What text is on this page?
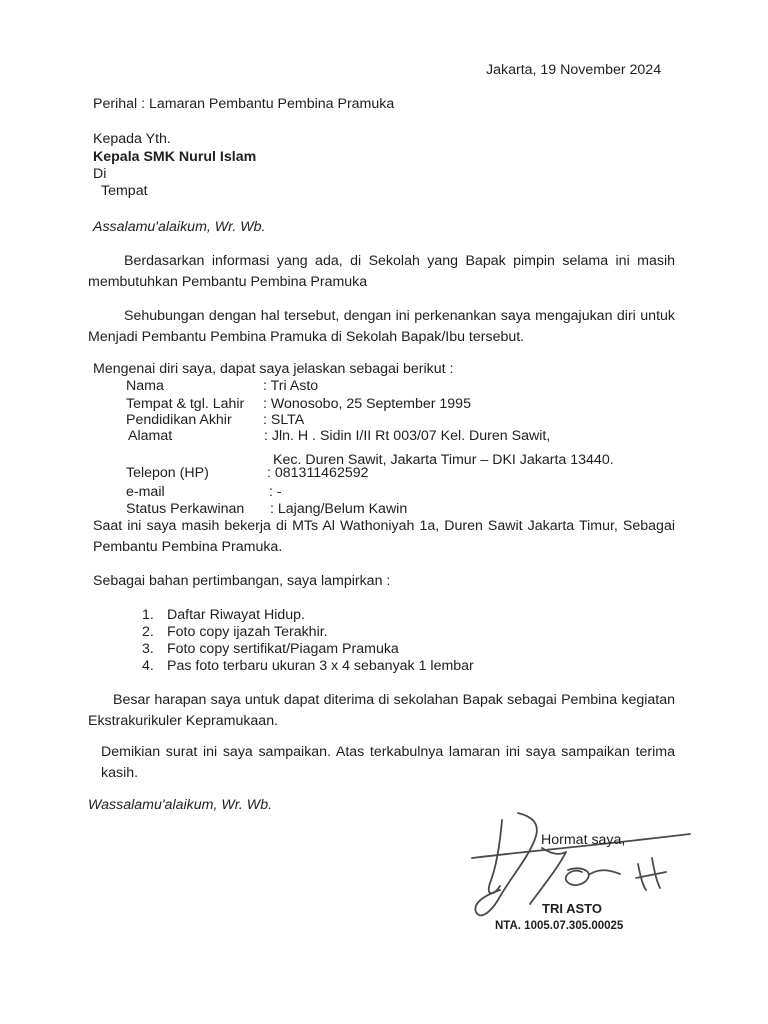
Jakarta, 19 November 2024
Perihal : Lamaran Pembantu Pembina Pramuka
Kepada Yth.
Kepala SMK Nurul Islam
Di
Tempat
Assalamu'alaikum, Wr. Wb.
Berdasarkan informasi yang ada, di Sekolah yang Bapak pimpin selama ini masih membutuhkan Pembantu Pembina Pramuka
Sehubungan dengan hal tersebut, dengan ini perkenankan saya mengajukan diri untuk Menjadi Pembantu Pembina Pramuka di Sekolah Bapak/Ibu tersebut.
Mengenai diri saya, dapat saya jelaskan sebagai berikut :
Nama	: Tri Asto
Tempat & tgl. Lahir : Wonosobo, 25 September 1995
Pendidikan Akhir : SLTA
Alamat	: Jln. H . Sidin I/II Rt 003/07 Kel. Duren Sawit,
Kec. Duren Sawit, Jakarta Timur – DKI Jakarta 13440.
Telepon (HP)	: 081311462592
e-mail	: -
Status Perkawinan : Lajang/Belum Kawin
Saat ini saya masih bekerja di MTs Al Wathoniyah 1a, Duren Sawit Jakarta Timur, Sebagai Pembantu Pembina Pramuka.
Sebagai bahan pertimbangan, saya lampirkan :
1. Daftar Riwayat Hidup.
2. Foto copy ijazah Terakhir.
3. Foto copy sertifikat/Piagam Pramuka
4. Pas foto terbaru ukuran 3 x 4 sebanyak 1 lembar
Besar harapan saya untuk dapat diterima di sekolahan Bapak sebagai Pembina kegiatan Ekstrakurikuler Kepramukaan.
Demikian surat ini saya sampaikan. Atas terkabulnya lamaran ini saya sampaikan terima kasih.
Wassalamu'alaikum, Wr. Wb.
Hormat saya,
TRI ASTO
NTA. 1005.07.305.00025
